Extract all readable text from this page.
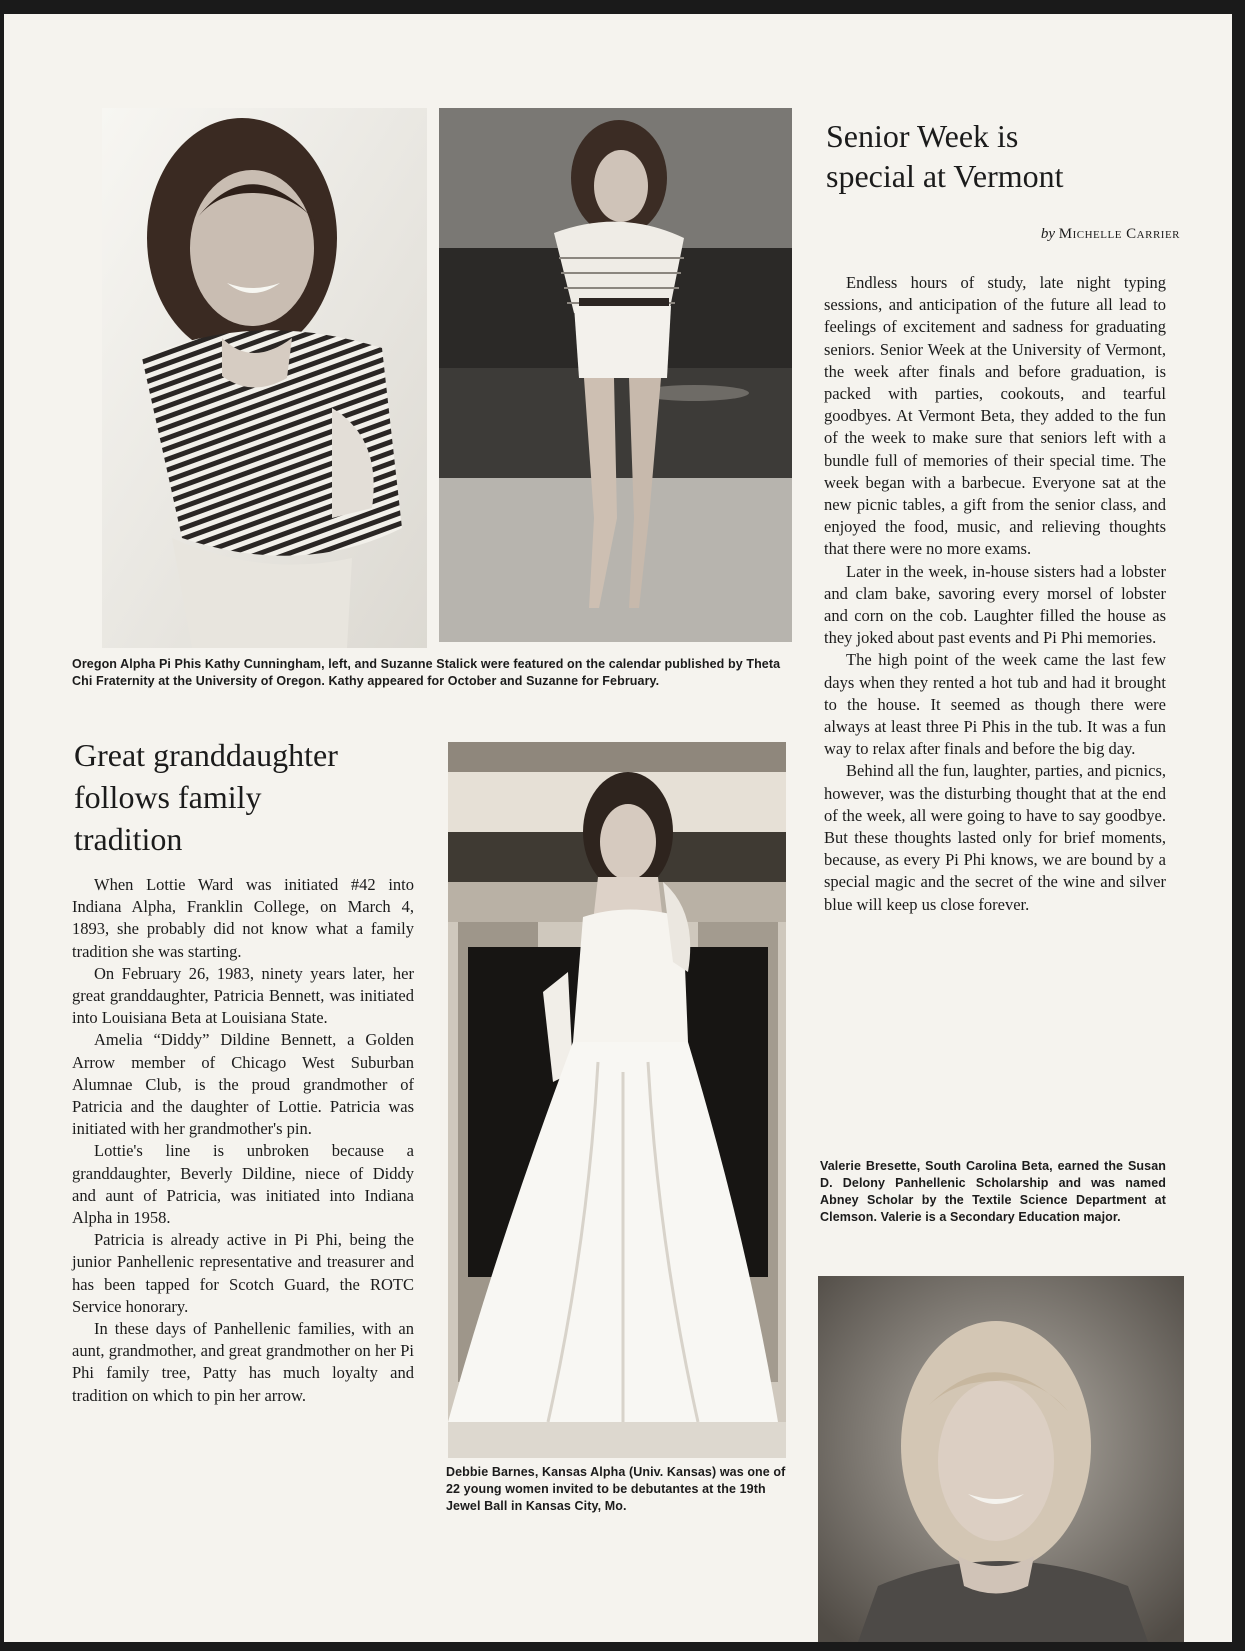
Oregon Alpha Pi Phis Kathy Cunningham, left, and Suzanne Stalick were featured on the calendar published by Theta Chi Fraternity at the University of Oregon. Kathy appeared for October and Suzanne for February.
Senior Week is
special at Vermont
by Michelle Carrier

Endless hours of study, late night typing sessions, and anticipation of the future all lead to feelings of excitement and sadness for graduating seniors. Senior Week at the University of Vermont, the week after finals and before graduation, is packed with parties, cookouts, and tearful goodbyes. At Vermont Beta, they added to the fun of the week to make sure that seniors left with a bundle full of memories of their special time. The week began with a barbecue. Everyone sat at the new picnic tables, a gift from the senior class, and enjoyed the food, music, and relieving thoughts that there were no more exams.

Later in the week, in-house sisters had a lobster and clam bake, savoring every morsel of lobster and corn on the cob. Laughter filled the house as they joked about past events and Pi Phi memories.

The high point of the week came the last few days when they rented a hot tub and had it brought to the house. It seemed as though there were always at least three Pi Phis in the tub. It was a fun way to relax after finals and before the big day.

Behind all the fun, laughter, parties, and picnics, however, was the disturbing thought that at the end of the week, all were going to have to say goodbye. But these thoughts lasted only for brief moments, because, as every Pi Phi knows, we are bound by a special magic and the secret of the wine and silver blue will keep us close forever.

Great granddaughter
follows family
tradition

When Lottie Ward was initiated #42 into Indiana Alpha, Franklin College, on March 4, 1893, she probably did not know what a family tradition she was starting.

On February 26, 1983, ninety years later, her great granddaughter, Patricia Bennett, was initiated into Louisiana Beta at Louisiana State.

Amelia “Diddy” Dildine Bennett, a Golden Arrow member of Chicago West Suburban Alumnae Club, is the proud grandmother of Patricia and the daughter of Lottie. Patricia was initiated with her grandmother's pin.

Lottie's line is unbroken because a granddaughter, Beverly Dildine, niece of Diddy and aunt of Patricia, was initiated into Indiana Alpha in 1958.

Patricia is already active in Pi Phi, being the junior Panhellenic representative and treasurer and has been tapped for Scotch Guard, the ROTC Service honorary.

In these days of Panhellenic families, with an aunt, grandmother, and great grandmother on her Pi Phi family tree, Patty has much loyalty and tradition on which to pin her arrow.

Debbie Barnes, Kansas Alpha (Univ. Kansas) was one of 22 young women invited to be debutantes at the 19th Jewel Ball in Kansas City, Mo.
Valerie Bresette, South Carolina Beta, earned the Susan D. Delony Panhellenic Scholarship and was named Abney Scholar by the Textile Science Department at Clemson. Valerie is a Secondary Education major.
